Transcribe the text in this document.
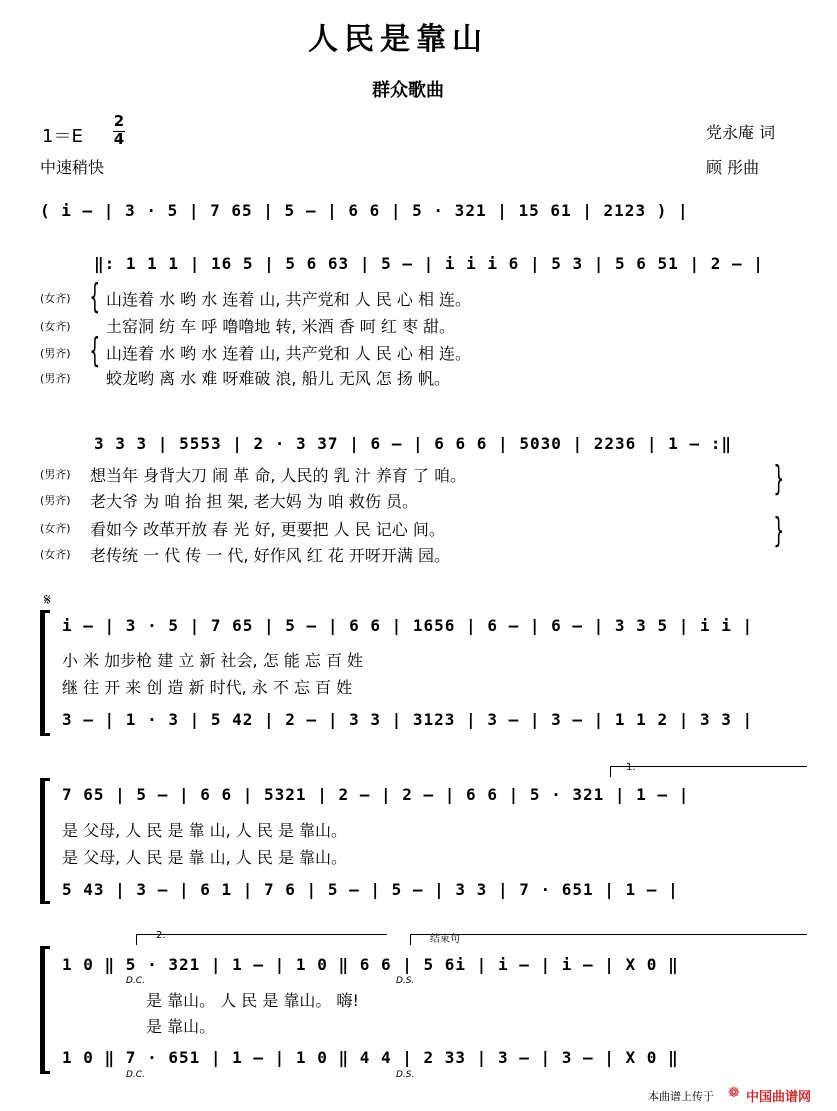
人民是靠山
群众歌曲
1＝E
2
4
中速稍快
党永庵 词
顾 彤曲
( i – | 3 · 5 | 7 65 | 5 – | 6 6 | 5 · 321 | 15 61 | 2123 ) |
‖: 1 1 1 | 16 5 | 5 6 63 | 5 – | i i i 6 | 5 3 | 5 6 51 | 2 – |
(女齐)
(女齐)
(男齐)
(男齐)
{
{
山连着 水 哟 水 连着 山, 共产党和 人 民 心 相 连。
土窑洞 纺 车 呼 噜噜地 转, 米酒 香 呵 红 枣 甜。
山连着 水 哟 水 连着 山, 共产党和 人 民 心 相 连。
蛟龙哟 离 水 难 呀难破 浪, 船儿 无风 怎 扬 帆。
3 3 3 | 5553 | 2 · 3 37 | 6 – | 6 6 6 | 5030 | 2236 | 1 – :‖
(男齐)
(男齐)
(女齐)
(女齐)
想当年 身背大刀 闹 革 命, 人民的 乳 汁 养育 了 咱。
老大爷 为 咱 抬 担 架, 老大妈 为 咱 救伤 员。
看如今 改革开放 春 光 好, 更要把 人 民 记心 间。
老传统 一 代 传 一 代, 好作风 红 花 开呀开满 园。
}
}
𝄋
i – | 3 · 5 | 7 65 | 5 – | 6 6 | 1656 | 6 – | 6 – | 3 3 5 | i i |
小 米 加步枪 建 立 新 社会, 怎 能 忘 百 姓
继 往 开 来 创 造 新 时代, 永 不 忘 百 姓
3 – | 1 · 3 | 5 42 | 2 – | 3 3 | 3123 | 3 – | 3 – | 1 1 2 | 3 3 |
1.
7 65 | 5 – | 6 6 | 5321 | 2 – | 2 – | 6 6 | 5 · 321 | 1 – |
是 父母, 人 民 是 靠 山, 人 民 是 靠山。
是 父母, 人 民 是 靠 山, 人 民 是 靠山。
5 43 | 3 – | 6 1 | 7 6 | 5 – | 5 – | 3 3 | 7 · 651 | 1 – |
2.	结束句
1 0 ‖ 5 · 321 | 1 – | 1 0 ‖ 6 6 | 5 6i | i – | i – | X 0 ‖
D.C.	D.S.
是 靠山。 人 民 是 靠山。 嗨!
是 靠山。
1 0 ‖ 7 · 651 | 1 – | 1 0 ‖ 4 4 | 2 33 | 3 – | 3 – | X 0 ‖
D.C.	D.S.
本曲谱上传于 ❁ 中国曲谱网
